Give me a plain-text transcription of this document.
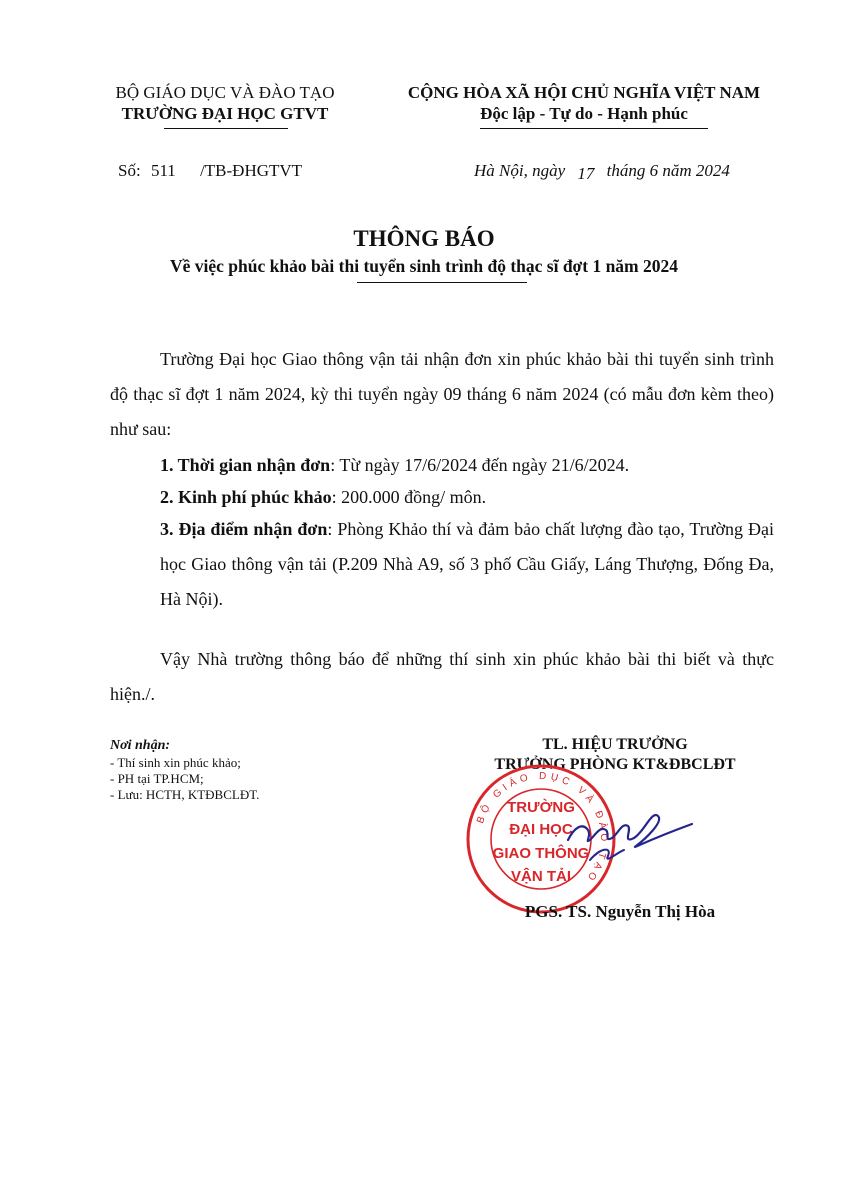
BỘ GIÁO DỤC VÀ ĐÀO TẠO
TRƯỜNG ĐẠI HỌC GTVT
CỘNG HÒA XÃ HỘI CHỦ NGHĨA VIỆT NAM
Độc lập - Tự do - Hạnh phúc
Số: 511 /TB-ĐHGTVT	Hà Nội, ngày 17 tháng 6 năm 2024
THÔNG BÁO
Về việc phúc khảo bài thi tuyển sinh trình độ thạc sĩ đợt 1 năm 2024
Trường Đại học Giao thông vận tải nhận đơn xin phúc khảo bài thi tuyển sinh trình độ thạc sĩ đợt 1 năm 2024, kỳ thi tuyển ngày 09 tháng 6 năm 2024 (có mẫu đơn kèm theo) như sau:
1. Thời gian nhận đơn: Từ ngày 17/6/2024 đến ngày 21/6/2024.
2. Kinh phí phúc khảo: 200.000 đồng/ môn.
3. Địa điểm nhận đơn: Phòng Khảo thí và đảm bảo chất lượng đào tạo, Trường Đại học Giao thông vận tải (P.209 Nhà A9, số 3 phố Cầu Giấy, Láng Thượng, Đống Đa, Hà Nội).
Vậy Nhà trường thông báo để những thí sinh xin phúc khảo bài thi biết và thực hiện./.
Nơi nhận:
- Thí sinh xin phúc khảo;
- PH tại TP.HCM;
- Lưu: HCTH, KTĐBCLĐT.
TL. HIỆU TRƯỞNG
TRƯỞNG PHÒNG KT&ĐBCLĐT
BỘ GIÁO DỤC VÀ ĐÀO TẠO
TRƯỜNG
ĐẠI HỌC
GIAO THÔNG
VẬN TẢI
PGS. TS. Nguyễn Thị Hòa
